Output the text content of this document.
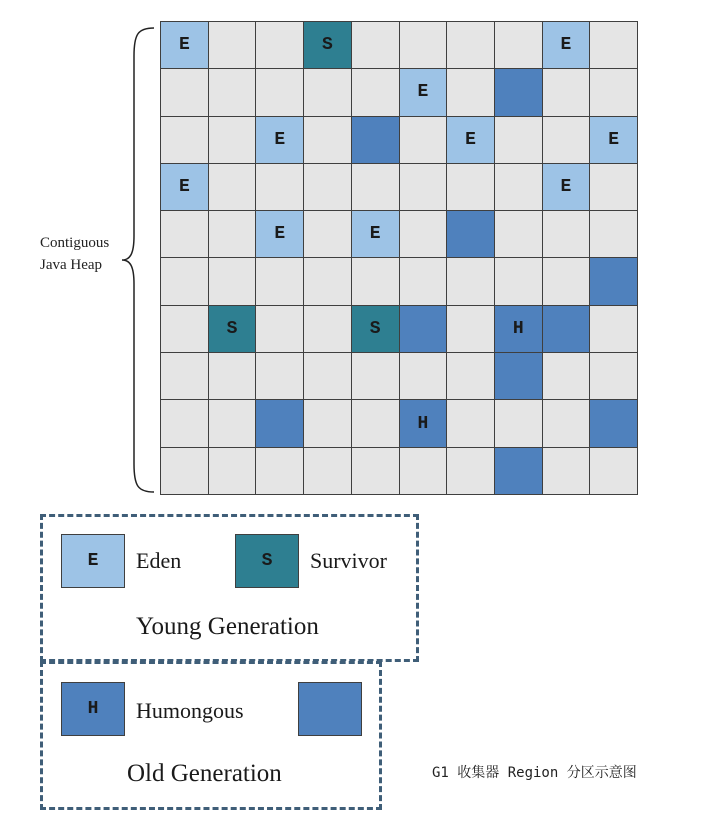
Contiguous
Java Heap
E	S	E
E
E	E	E
E	E
E	E
S	S	H
H
E	Eden	S	Survivor
Young Generation
H	Humongous
Old Generation	G1 收集器 Region 分区示意图
